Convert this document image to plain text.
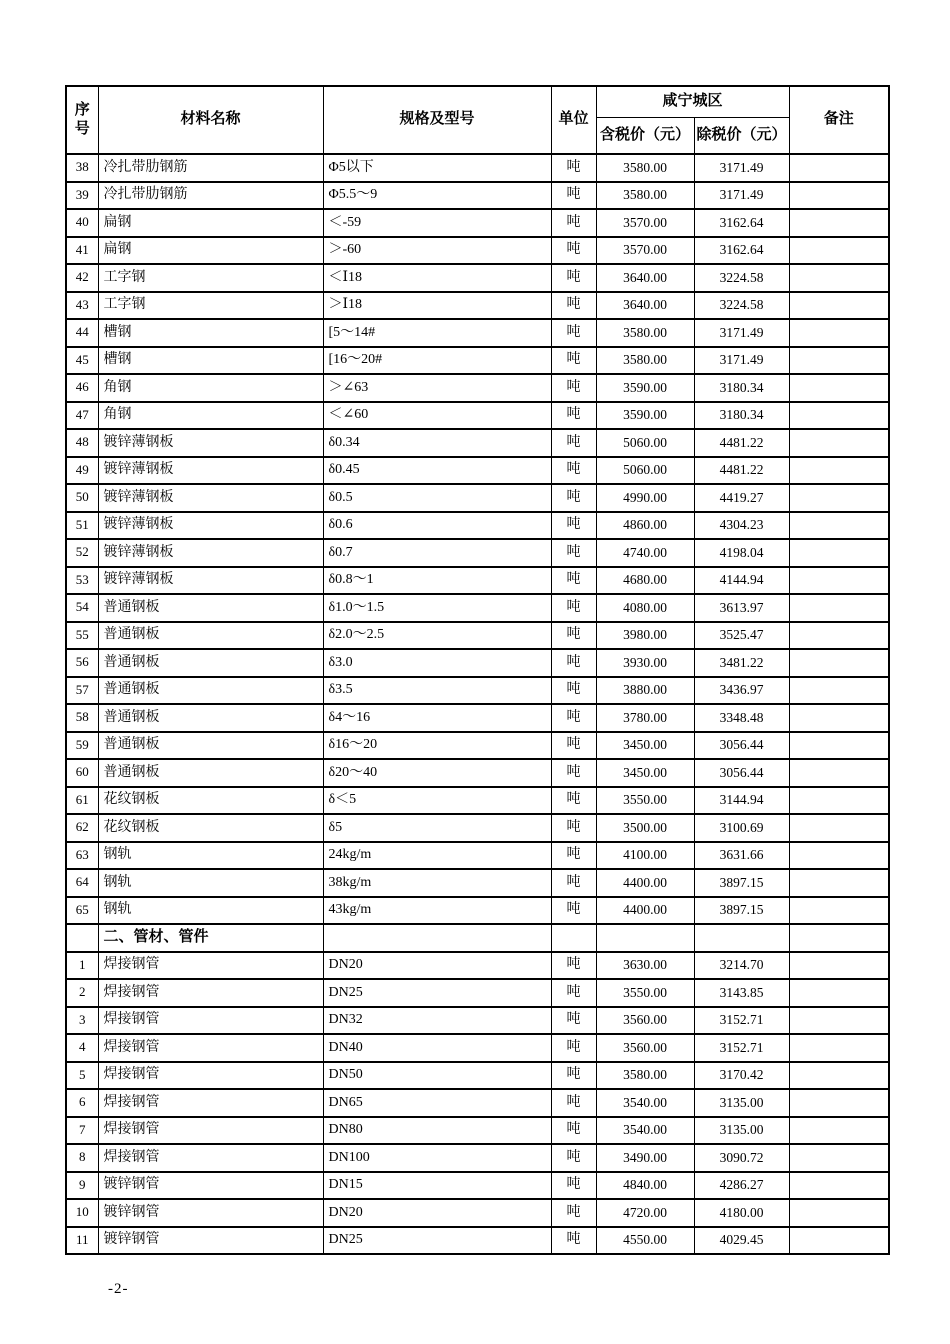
序号	材料名称	规格及型号	单位	咸宁城区		备注
				含税价（元）	除税价（元）	
38	冷扎带肋钢筋	Φ5以下	吨	3580.00	3171.49	
39	冷扎带肋钢筋	Φ5.5～9	吨	3580.00	3171.49	
40	扁钢	＜-59	吨	3570.00	3162.64	
41	扁钢	＞-60	吨	3570.00	3162.64	
42	工字钢	＜Ⅰ18	吨	3640.00	3224.58	
43	工字钢	＞Ⅰ18	吨	3640.00	3224.58	
44	槽钢	[5～14#	吨	3580.00	3171.49	
45	槽钢	[16～20#	吨	3580.00	3171.49	
46	角钢	＞∠63	吨	3590.00	3180.34	
47	角钢	＜∠60	吨	3590.00	3180.34	
48	镀锌薄钢板	δ0.34	吨	5060.00	4481.22	
49	镀锌薄钢板	δ0.45	吨	5060.00	4481.22	
50	镀锌薄钢板	δ0.5	吨	4990.00	4419.27	
51	镀锌薄钢板	δ0.6	吨	4860.00	4304.23	
52	镀锌薄钢板	δ0.7	吨	4740.00	4198.04	
53	镀锌薄钢板	δ0.8～1	吨	4680.00	4144.94	
54	普通钢板	δ1.0～1.5	吨	4080.00	3613.97	
55	普通钢板	δ2.0～2.5	吨	3980.00	3525.47	
56	普通钢板	δ3.0	吨	3930.00	3481.22	
57	普通钢板	δ3.5	吨	3880.00	3436.97	
58	普通钢板	δ4～16	吨	3780.00	3348.48	
59	普通钢板	δ16～20	吨	3450.00	3056.44	
60	普通钢板	δ20～40	吨	3450.00	3056.44	
61	花纹钢板	δ＜5	吨	3550.00	3144.94	
62	花纹钢板	δ5	吨	3500.00	3100.69	
63	钢轨	24kg/m	吨	4100.00	3631.66	
64	钢轨	38kg/m	吨	4400.00	3897.15	
65	钢轨	43kg/m	吨	4400.00	3897.15	
	二、管材、管件					
1	焊接钢管	DN20	吨	3630.00	3214.70	
2	焊接钢管	DN25	吨	3550.00	3143.85	
3	焊接钢管	DN32	吨	3560.00	3152.71	
4	焊接钢管	DN40	吨	3560.00	3152.71	
5	焊接钢管	DN50	吨	3580.00	3170.42	
6	焊接钢管	DN65	吨	3540.00	3135.00	
7	焊接钢管	DN80	吨	3540.00	3135.00	
8	焊接钢管	DN100	吨	3490.00	3090.72	
9	镀锌钢管	DN15	吨	4840.00	4286.27	
10	镀锌钢管	DN20	吨	4720.00	4180.00	
11	镀锌钢管	DN25	吨	4550.00	4029.45	
-2-
